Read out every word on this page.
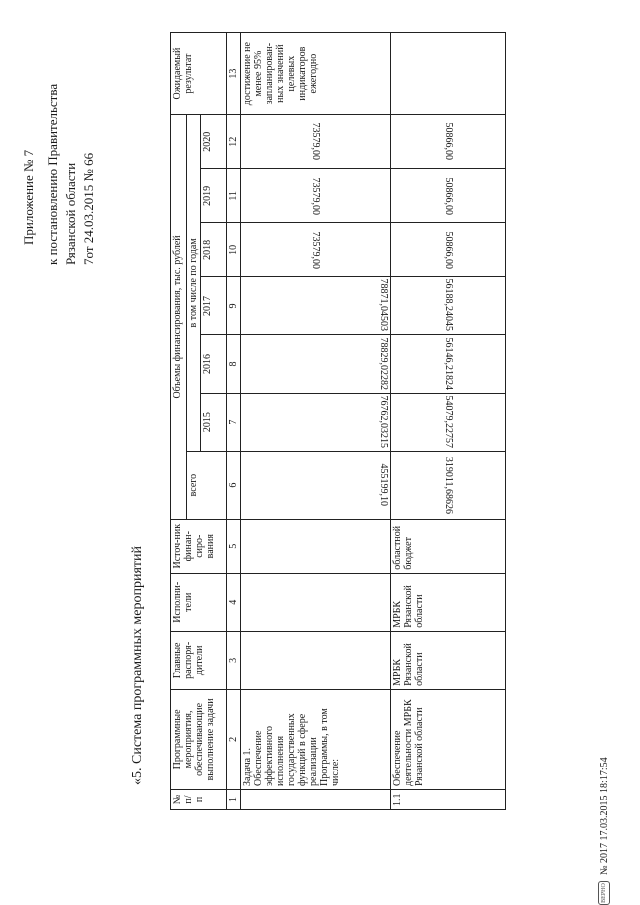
Приложение № 7 к постановлению Правительства Рязанской области
«5. Система программных мероприятий
№ п/п	Программные мероприятия, обеспечивающие выполнение задачи	Главные распоря-дители	Исполни-тели	Источ-ник финан-сиро-вания	Объемы финансирования, тыс. рублей							Ожидаемый результат
					всего	в том числе по годам						
						2015	2016	2017	2018	2019	2020	
1	2	3	4	5	6	7	8	9	10	11	12	13
	Задача 1. Обеспечение эффективного исполнения государственных функций в сфере реализации Программы, в том числе:				455199,10	76762,03215	78829,02282	78871,04503	73579,00	73579,00	73579,00	достижение не менее 95% запланирован-ных значений целевых индикаторов ежегодно
1.1	Обеспечение деятельности МРБК Рязанской области	МРБК Рязанской области	МРБК Рязанской области	областной бюджет	319011,68626	54079,22757	56146,21824	56188,24045	50866,00	50866,00	50866,00	
ВЕРНО
№ 2017 17.03.2015 18:17:54
7от 24.03.2015 № 66
